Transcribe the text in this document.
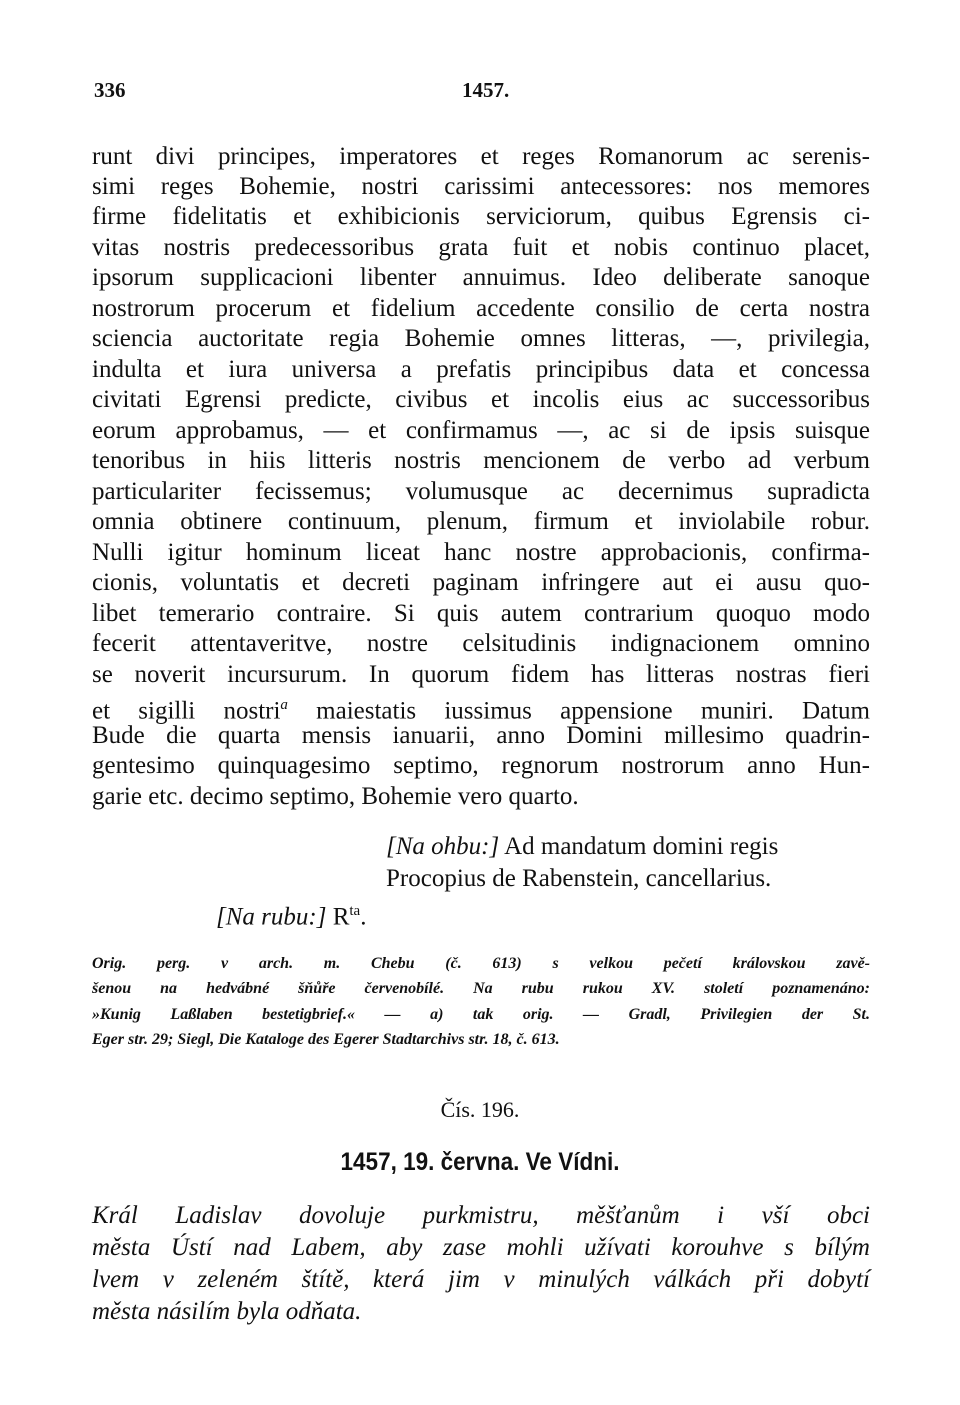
336	1457.
runt divi principes, imperatores et reges Romanorum ac serenis-
simi reges Bohemie, nostri carissimi antecessores: nos memores
firme fidelitatis et exhibicionis serviciorum, quibus Egrensis ci-
vitas nostris predecessoribus grata fuit et nobis continuo placet,
ipsorum supplicacioni libenter annuimus. Ideo deliberate sanoque
nostrorum procerum et fidelium accedente consilio de certa nostra
sciencia auctoritate regia Bohemie omnes litteras, —, privilegia,
indulta et iura universa a prefatis principibus data et concessa
civitati Egrensi predicte, civibus et incolis eius ac successoribus
eorum approbamus, — et confirmamus —, ac si de ipsis suisque
tenoribus in hiis litteris nostris mencionem de verbo ad verbum
particulariter fecissemus; volumusque ac decernimus supradicta
omnia obtinere continuum, plenum, firmum et inviolabile robur.
Nulli igitur hominum liceat hanc nostre approbacionis, confirma-
cionis, voluntatis et decreti paginam infringere aut ei ausu quo-
libet temerario contraire. Si quis autem contrarium quoquo modo
fecerit attentaveritve, nostre celsitudinis indignacionem omnino
se noverit incursurum. In quorum fidem has litteras nostras fieri
et sigilli nostri$^a$ maiestatis iussimus appensione muniri. Datum
Bude die quarta mensis ianuarii, anno Domini millesimo quadrin-
gentesimo quinquagesimo septimo, regnorum nostrorum anno Hun-
garie etc. decimo septimo, Bohemie vero quarto.
[Na ohbu:] Ad mandatum domini regis
Procopius de Rabenstein, cancellarius.
[Na rubu:] $R^{ta}$.
Orig. perg. v arch. m. Chebu (č. 613) s velkou pečetí královskou zavě-
šenou na hedvábné šňůře červenobílé. Na rubu rukou XV. století poznamenáno:
»Kunig Laßlaben bestetigbrief.« — a) tak orig. — Gradl, Privilegien der St.
Eger str. 29; Siegl, Die Kataloge des Egerer Stadtarchivs str. 18, č. 613.
Čís. 196.
1457, 19. června. Ve Vídni.
Král Ladislav dovoluje purkmistru, měšťanům i vší obci
města Ústí nad Labem, aby zase mohli užívati korouhve s bílým
lvem v zeleném štítě, která jim v minulých válkách při dobytí
města násilím byla odňata.
